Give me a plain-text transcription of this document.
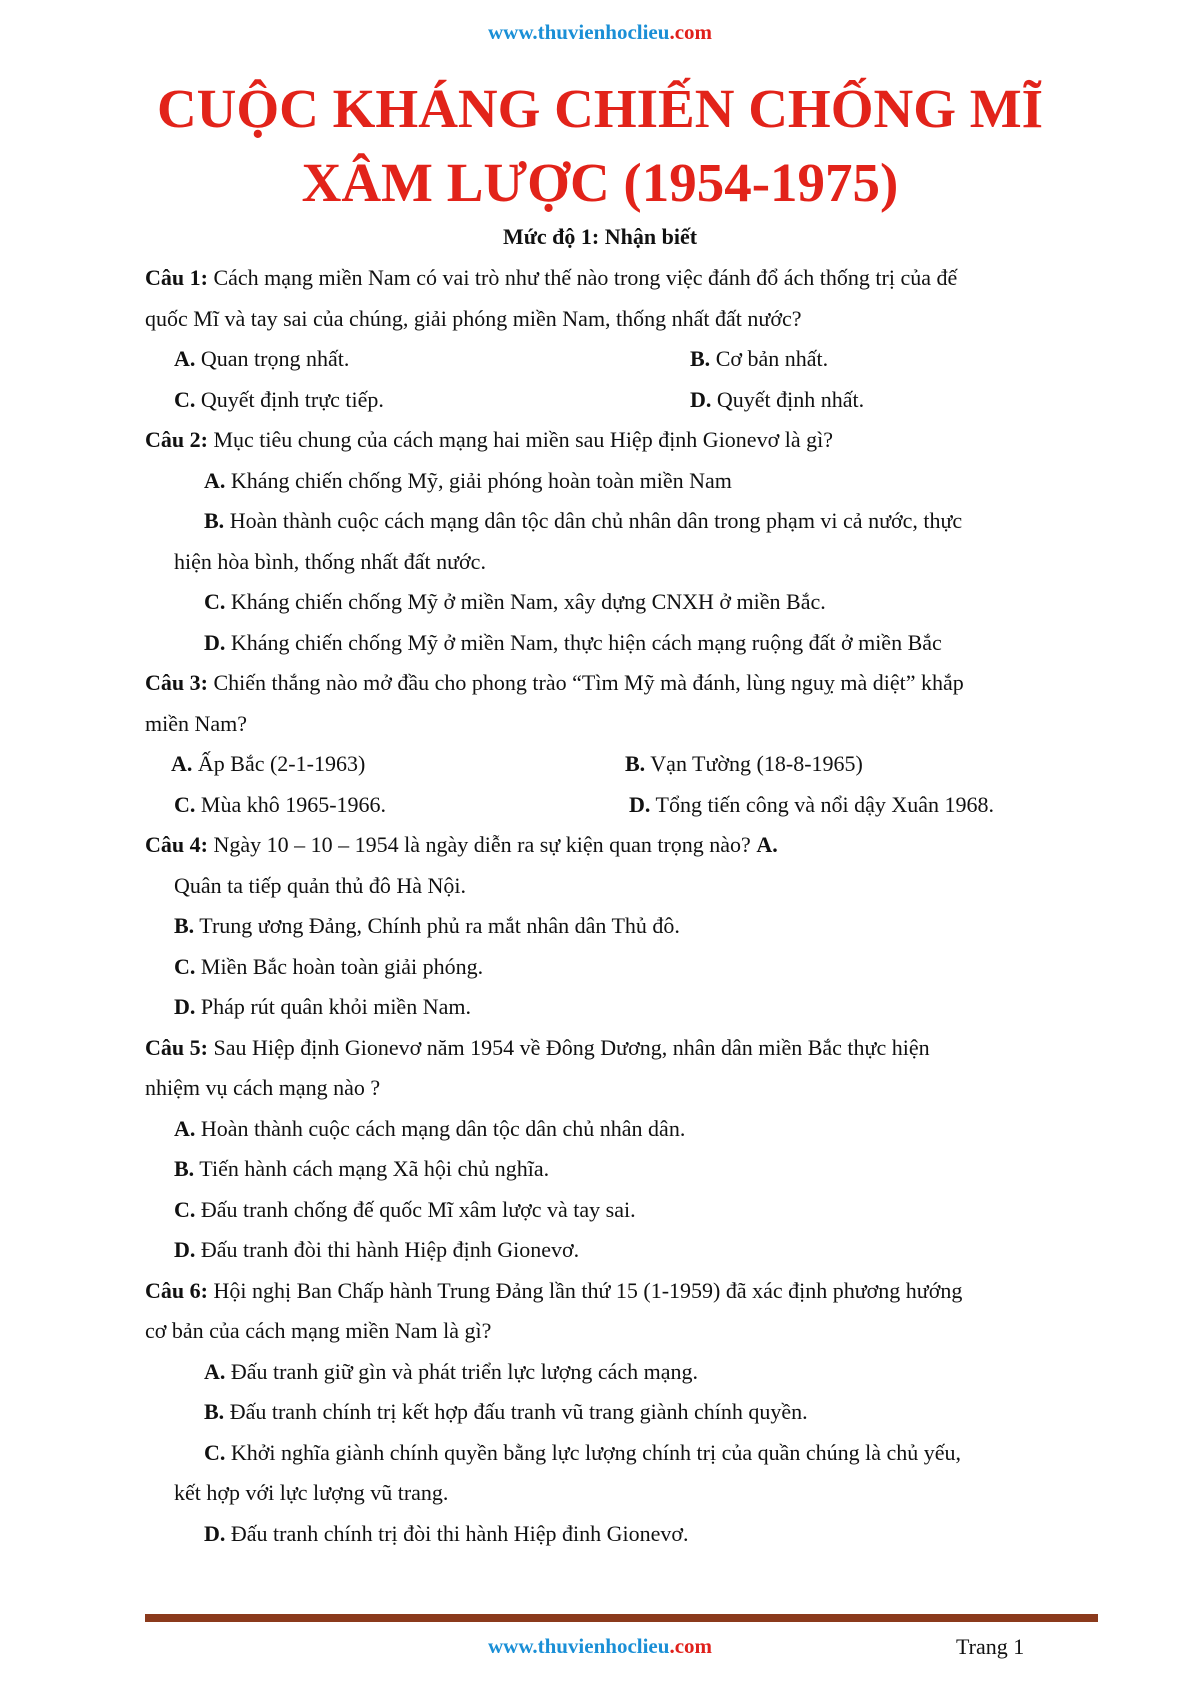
www.thuvienhoclieu.com
CUỘC KHÁNG CHIẾN CHỐNG MĨ
XÂM LƯỢC (1954-1975)
Mức độ 1: Nhận biết
Câu 1: Cách mạng miền Nam có vai trò như thế nào trong việc đánh đổ ách thống trị của đế
quốc Mĩ và tay sai của chúng, giải phóng miền Nam, thống nhất đất nước?
A. Quan trọng nhất.	B. Cơ bản nhất.
C. Quyết định trực tiếp.	D. Quyết định nhất.
Câu 2: Mục tiêu chung của cách mạng hai miền sau Hiệp định Gionevơ là gì?
A. Kháng chiến chống Mỹ, giải phóng hoàn toàn miền Nam
B. Hoàn thành cuộc cách mạng dân tộc dân chủ nhân dân trong phạm vi cả nước, thực
hiện hòa bình, thống nhất đất nước.
C. Kháng chiến chống Mỹ ở miền Nam, xây dựng CNXH ở miền Bắc.
D. Kháng chiến chống Mỹ ở miền Nam, thực hiện cách mạng ruộng đất ở miền Bắc
Câu 3: Chiến thắng nào mở đầu cho phong trào “Tìm Mỹ mà đánh, lùng nguỵ mà diệt” khắp
miền Nam?
A. Ấp Bắc (2-1-1963)	B. Vạn Tường (18-8-1965)
C. Mùa khô 1965-1966.	D. Tổng tiến công và nổi dậy Xuân 1968.
Câu 4: Ngày 10 – 10 – 1954 là ngày diễn ra sự kiện quan trọng nào? A.
Quân ta tiếp quản thủ đô Hà Nội.
B. Trung ương Đảng, Chính phủ ra mắt nhân dân Thủ đô.
C. Miền Bắc hoàn toàn giải phóng.
D. Pháp rút quân khỏi miền Nam.
Câu 5: Sau Hiệp định Gionevơ năm 1954 về Đông Dương, nhân dân miền Bắc thực hiện
nhiệm vụ cách mạng nào ?
A. Hoàn thành cuộc cách mạng dân tộc dân chủ nhân dân.
B. Tiến hành cách mạng Xã hội chủ nghĩa.
C. Đấu tranh chống đế quốc Mĩ xâm lược và tay sai.
D. Đấu tranh đòi thi hành Hiệp định Gionevơ.
Câu 6: Hội nghị Ban Chấp hành Trung Đảng lần thứ 15 (1-1959) đã xác định phương hướng
cơ bản của cách mạng miền Nam là gì?
A. Đấu tranh giữ gìn và phát triển lực lượng cách mạng.
B. Đấu tranh chính trị kết hợp đấu tranh vũ trang giành chính quyền.
C. Khởi nghĩa giành chính quyền bằng lực lượng chính trị của quần chúng là chủ yếu,
kết hợp với lực lượng vũ trang.
D. Đấu tranh chính trị đòi thi hành Hiệp đinh Gionevơ.
www.thuvienhoclieu.com	Trang 1
